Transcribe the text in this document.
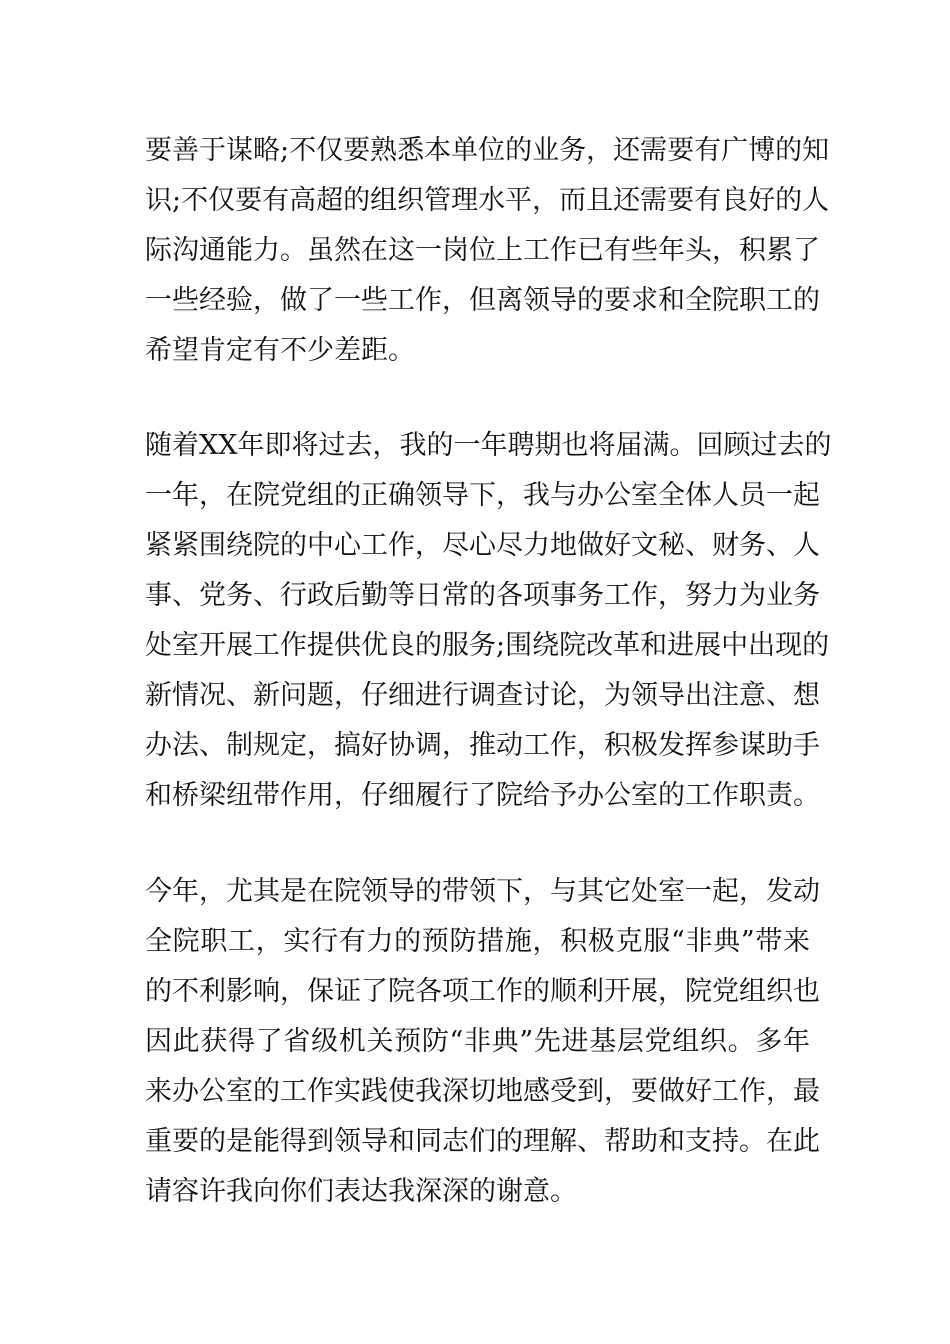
要善于谋略;不仅要熟悉本单位的业务，还需要有广博的知
识;不仅要有高超的组织管理水平，而且还需要有良好的人
际沟通能力。虽然在这一岗位上工作已有些年头，积累了
一些经验，做了一些工作，但离领导的要求和全院职工的
希望肯定有不少差距。

随着XX年即将过去，我的一年聘期也将届满。回顾过去的
一年，在院党组的正确领导下，我与办公室全体人员一起
紧紧围绕院的中心工作，尽心尽力地做好文秘、财务、人
事、党务、行政后勤等日常的各项事务工作，努力为业务
处室开展工作提供优良的服务;围绕院改革和进展中出现的
新情况、新问题，仔细进行调查讨论，为领导出注意、想
办法、制规定，搞好协调，推动工作，积极发挥参谋助手
和桥梁纽带作用，仔细履行了院给予办公室的工作职责。

今年，尤其是在院领导的带领下，与其它处室一起，发动
全院职工，实行有力的预防措施，积极克服“非典”带来
的不利影响，保证了院各项工作的顺利开展，院党组织也
因此获得了省级机关预防“非典”先进基层党组织。多年
来办公室的工作实践使我深切地感受到，要做好工作，最
重要的是能得到领导和同志们的理解、帮助和支持。在此
请容许我向你们表达我深深的谢意。
